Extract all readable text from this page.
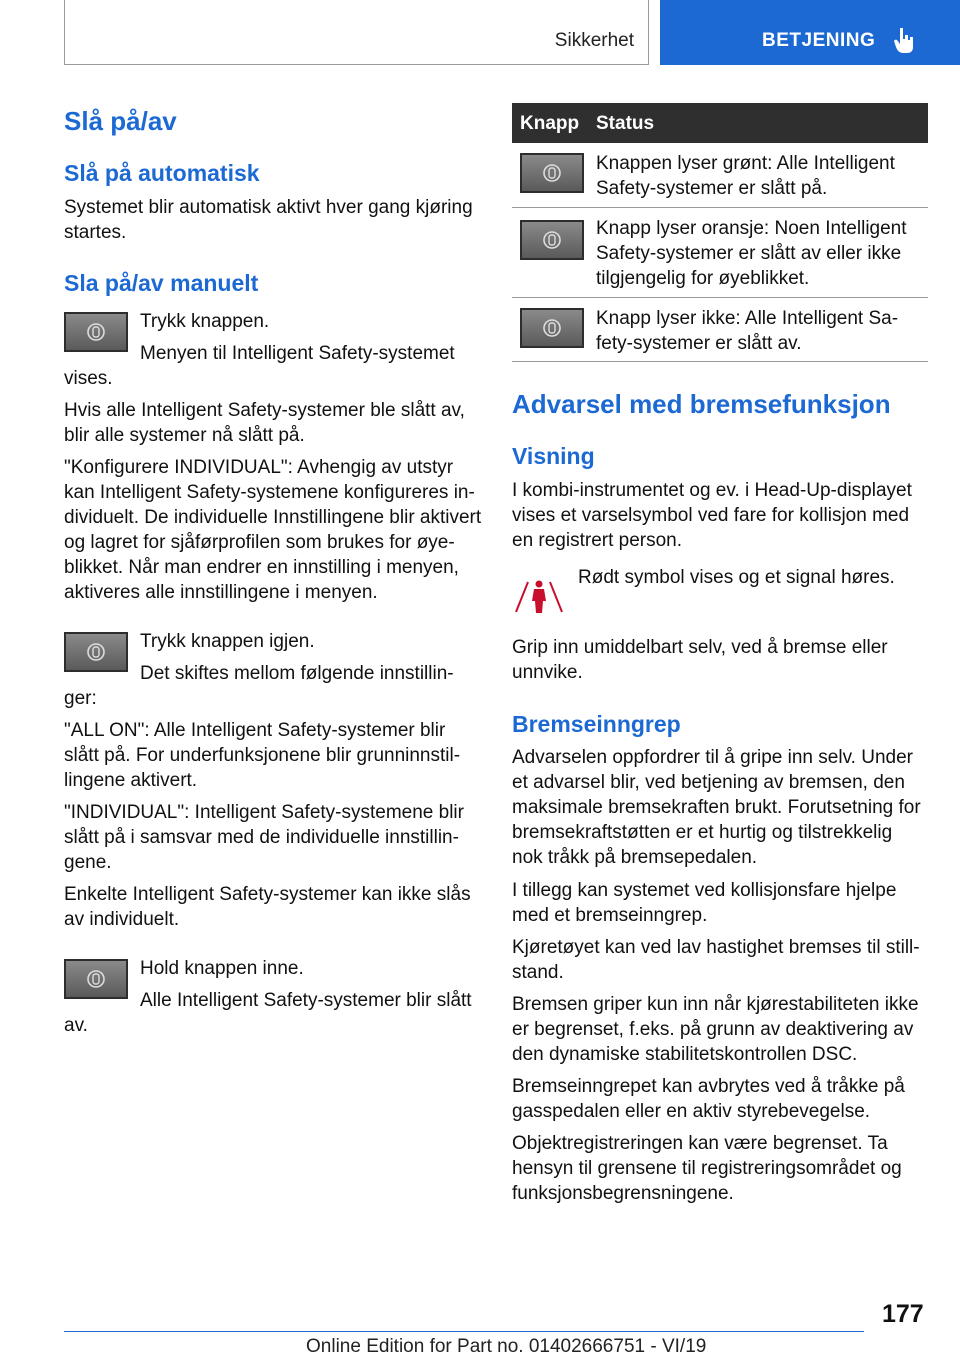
Sikkerhet	BETJENING
Slå på/av
Slå på automatisk
Systemet blir automatisk aktivt hver gang kjøring
startes.
Sla på/av manuelt
Trykk knappen.
Menyen til Intelligent Safety-systemet
vises.
Hvis alle Intelligent Safety-systemer ble slått av,
blir alle systemer nå slått på.
"Konfigurere INDIVIDUAL": Avhengig av utstyr
kan Intelligent Safety-systemene konfigureres in-
dividuelt. De individuelle Innstillingene blir aktivert
og lagret for sjåførprofilen som brukes for øye-
blikket. Når man endrer en innstilling i menyen,
aktiveres alle innstillingene i menyen.
Trykk knappen igjen.
Det skiftes mellom følgende innstillin-
ger:
"ALL ON": Alle Intelligent Safety-systemer blir
slått på. For underfunksjonene blir grunninnstil-
lingene aktivert.
"INDIVIDUAL": Intelligent Safety-systemene blir
slått på i samsvar med de individuelle innstillin-
gene.
Enkelte Intelligent Safety-systemer kan ikke slås
av individuelt.
Hold knappen inne.
Alle Intelligent Safety-systemer blir slått
av.
Knapp Status
Knappen lyser grønt: Alle Intelligent
Safety-systemer er slått på.
Knapp lyser oransje: Noen Intelligent
Safety-systemer er slått av eller ikke
tilgjengelig for øyeblikket.
Knapp lyser ikke: Alle Intelligent Sa-
fety-systemer er slått av.
Advarsel med bremsefunksjon
Visning
I kombi-instrumentet og ev. i Head-Up-displayet
vises et varselsymbol ved fare for kollisjon med
en registrert person.
Rødt symbol vises og et signal høres.
Grip inn umiddelbart selv, ved å bremse eller
unnvike.
Bremseinngrep
Advarselen oppfordrer til å gripe inn selv. Under
et advarsel blir, ved betjening av bremsen, den
maksimale bremsekraften brukt. Forutsetning for
bremsekraftstøtten er et hurtig og tilstrekkelig
nok tråkk på bremsepedalen.
I tillegg kan systemet ved kollisjonsfare hjelpe
med et bremseinngrep.
Kjøretøyet kan ved lav hastighet bremses til still-
stand.
Bremsen griper kun inn når kjørestabiliteten ikke
er begrenset, f.eks. på grunn av deaktivering av
den dynamiske stabilitetskontrollen DSC.
Bremseinngrepet kan avbrytes ved å tråkke på
gasspedalen eller en aktiv styrebevegelse.
Objektregistreringen kan være begrenset. Ta
hensyn til grensene til registreringsområdet og
funksjonsbegrensningene.
177
Online Edition for Part no. 01402666751 - VI/19
